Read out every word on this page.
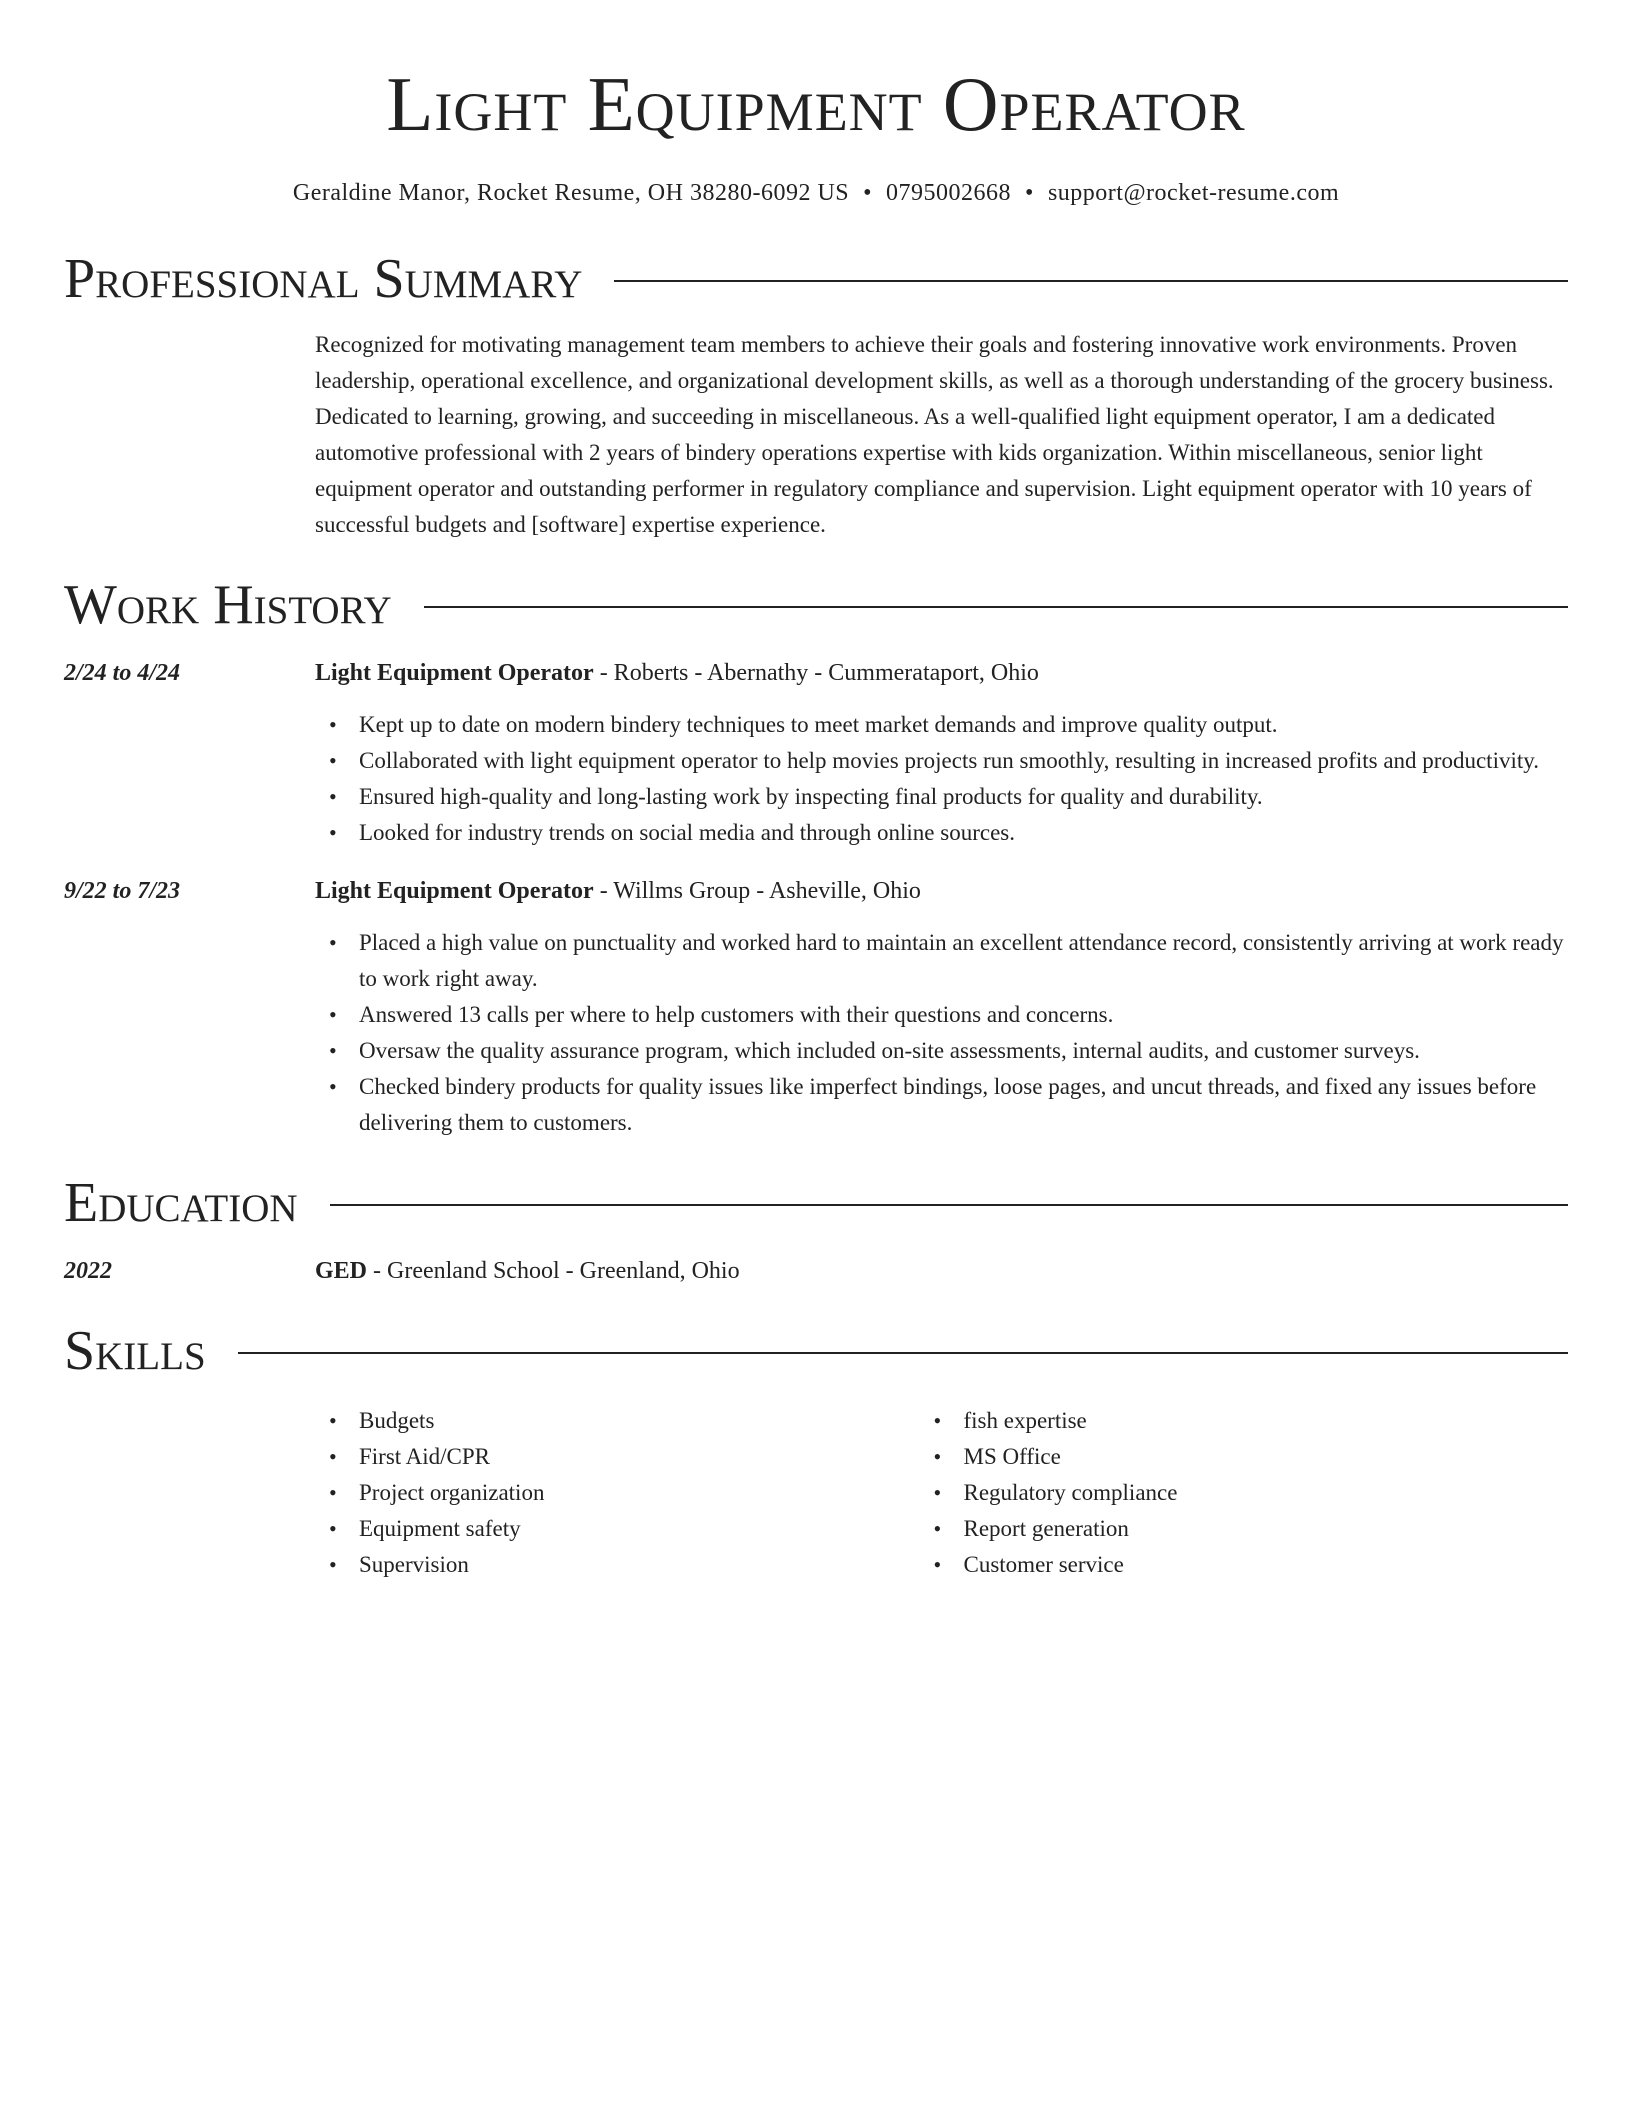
Light Equipment Operator
Geraldine Manor, Rocket Resume, OH 38280-6092 US • 0795002668 • support@rocket-resume.com
Professional Summary
Recognized for motivating management team members to achieve their goals and fostering innovative work environments. Proven leadership, operational excellence, and organizational development skills, as well as a thorough understanding of the grocery business. Dedicated to learning, growing, and succeeding in miscellaneous. As a well-qualified light equipment operator, I am a dedicated automotive professional with 2 years of bindery operations expertise with kids organization. Within miscellaneous, senior light equipment operator and outstanding performer in regulatory compliance and supervision. Light equipment operator with 10 years of successful budgets and [software] expertise experience.
Work History
2/24 to 4/24	Light Equipment Operator - Roberts - Abernathy - Cummerataport, Ohio
• Kept up to date on modern bindery techniques to meet market demands and improve quality output.
• Collaborated with light equipment operator to help movies projects run smoothly, resulting in increased profits and productivity.
• Ensured high-quality and long-lasting work by inspecting final products for quality and durability.
• Looked for industry trends on social media and through online sources.
9/22 to 7/23	Light Equipment Operator - Willms Group - Asheville, Ohio
• Placed a high value on punctuality and worked hard to maintain an excellent attendance record, consistently arriving at work ready to work right away.
• Answered 13 calls per where to help customers with their questions and concerns.
• Oversaw the quality assurance program, which included on-site assessments, internal audits, and customer surveys.
• Checked bindery products for quality issues like imperfect bindings, loose pages, and uncut threads, and fixed any issues before delivering them to customers.
Education
2022	GED - Greenland School - Greenland, Ohio
Skills
• Budgets
• First Aid/CPR
• Project organization
• Equipment safety
• Supervision
• fish expertise
• MS Office
• Regulatory compliance
• Report generation
• Customer service
